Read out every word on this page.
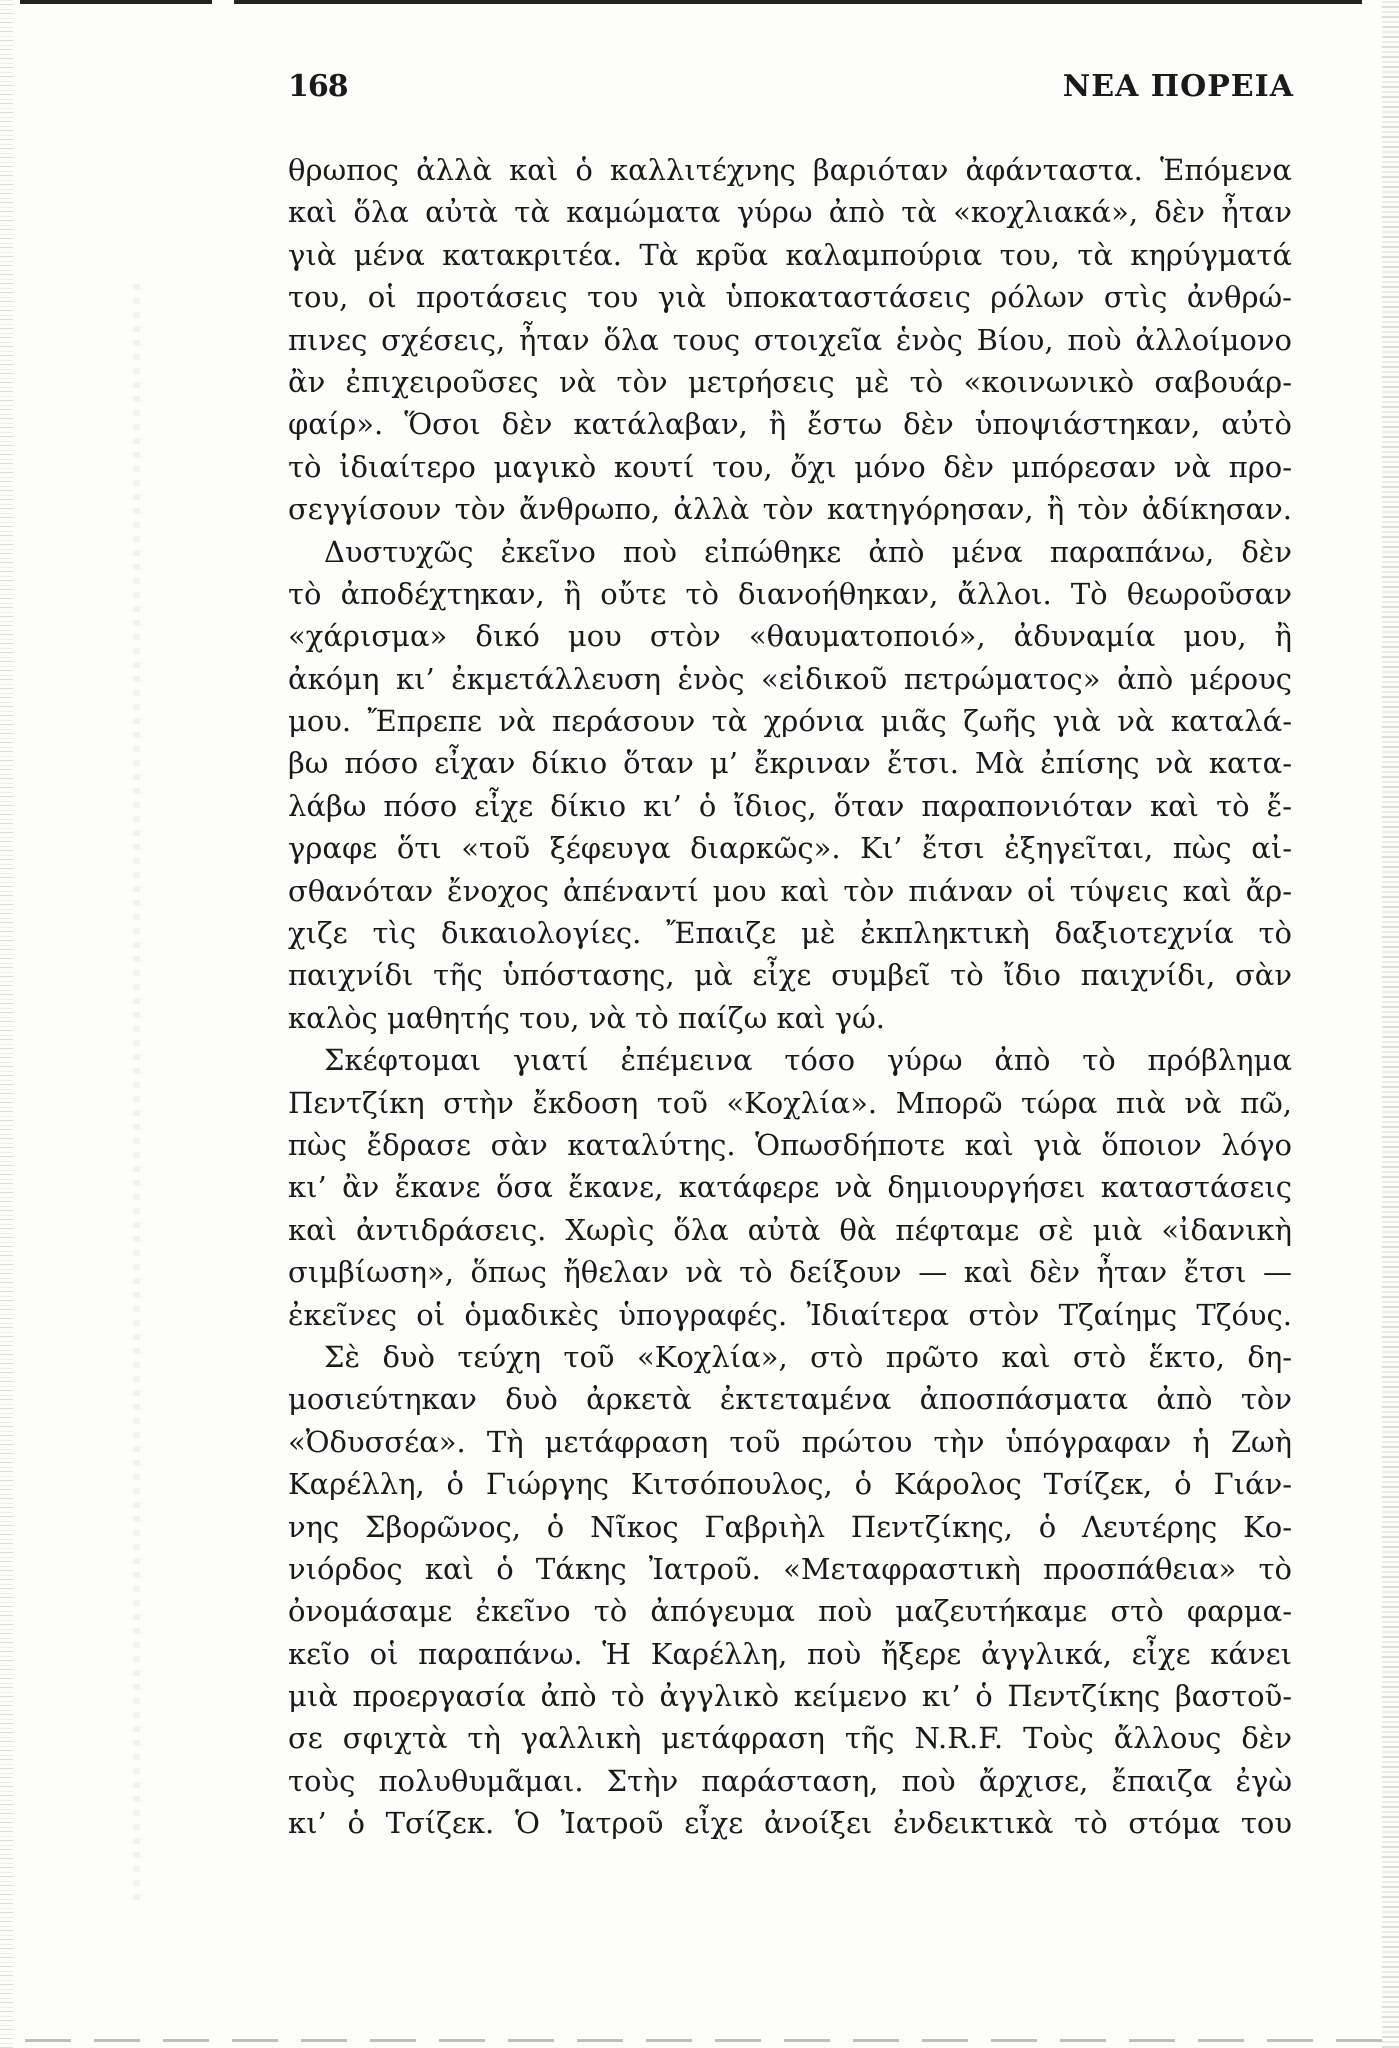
168	ΝΕΑ ΠΟΡΕΙΑ
θρωπος ἀλλὰ καὶ ὁ καλλιτέχνης βαριόταν ἀφάνταστα. Ἑπόμενα
καὶ ὅλα αὐτὰ τὰ καμώματα γύρω ἀπὸ τὰ «κοχλιακά», δὲν ἦταν
γιὰ μένα κατακριτέα. Τὰ κρῦα καλαμπούρια του, τὰ κηρύγματά
του, οἱ προτάσεις του γιὰ ὑποκαταστάσεις ρόλων στὶς ἀνθρώ-
πινες σχέσεις, ἦταν ὅλα τους στοιχεῖα ἑνὸς Βίου, ποὺ ἀλλοίμονο
ἂν ἐπιχειροῦσες νὰ τὸν μετρήσεις μὲ τὸ «κοινωνικὸ σαβουάρ-
φαίρ». Ὅσοι δὲν κατάλαβαν, ἢ ἔστω δὲν ὑποψιάστηκαν, αὐτὸ
τὸ ἰδιαίτερο μαγικὸ κουτί του, ὄχι μόνο δὲν μπόρεσαν νὰ προ-
σεγγίσουν τὸν ἄνθρωπο, ἀλλὰ τὸν κατηγόρησαν, ἢ τὸν ἀδίκησαν.
Δυστυχῶς ἐκεῖνο ποὺ εἰπώθηκε ἀπὸ μένα παραπάνω, δὲν
τὸ ἀποδέχτηκαν, ἢ οὔτε τὸ διανοήθηκαν, ἄλλοι. Τὸ θεωροῦσαν
«χάρισμα» δικό μου στὸν «θαυματοποιό», ἀδυναμία μου, ἢ
ἀκόμη κι’ ἐκμετάλλευση ἑνὸς «εἰδικοῦ πετρώματος» ἀπὸ μέρους
μου. Ἔπρεπε νὰ περάσουν τὰ χρόνια μιᾶς ζωῆς γιὰ νὰ καταλά-
βω πόσο εἶχαν δίκιο ὅταν μ’ ἔκριναν ἔτσι. Μὰ ἐπίσης νὰ κατα-
λάβω πόσο εἶχε δίκιο κι’ ὁ ἴδιος, ὅταν παραπονιόταν καὶ τὸ ἔ-
γραφε ὅτι «τοῦ ξέφευγα διαρκῶς». Κι’ ἔτσι ἐξηγεῖται, πὼς αἰ-
σθανόταν ἔνοχος ἀπέναντί μου καὶ τὸν πιάναν οἱ τύψεις καὶ ἄρ-
χιζε τὶς δικαιολογίες. Ἔπαιζε μὲ ἐκπληκτικὴ δαξιοτεχνία τὸ
παιχνίδι τῆς ὑπόστασης, μὰ εἶχε συμβεῖ τὸ ἴδιο παιχνίδι, σὰν
καλὸς μαθητής του, νὰ τὸ παίζω καὶ γώ.
Σκέφτομαι γιατί ἐπέμεινα τόσο γύρω ἀπὸ τὸ πρόβλημα
Πεντζίκη στὴν ἔκδοση τοῦ «Κοχλία». Μπορῶ τώρα πιὰ νὰ πῶ,
πὼς ἔδρασε σὰν καταλύτης. Ὁπωσδήποτε καὶ γιὰ ὅποιον λόγο
κι’ ἂν ἔκανε ὅσα ἔκανε, κατάφερε νὰ δημιουργήσει καταστάσεις
καὶ ἀντιδράσεις. Χωρὶς ὅλα αὐτὰ θὰ πέφταμε σὲ μιὰ «ἰδανικὴ
σιμβίωση», ὅπως ἤθελαν νὰ τὸ δείξουν — καὶ δὲν ἦταν ἔτσι —
ἐκεῖνες οἱ ὁμαδικὲς ὑπογραφές. Ἰδιαίτερα στὸν Τζαίημς Τζόυς.
Σὲ δυὸ τεύχη τοῦ «Κοχλία», στὸ πρῶτο καὶ στὸ ἕκτο, δη-
μοσιεύτηκαν δυὸ ἀρκετὰ ἐκτεταμένα ἀποσπάσματα ἀπὸ τὸν
«Ὀδυσσέα». Τὴ μετάφραση τοῦ πρώτου τὴν ὑπόγραφαν ἡ Ζωὴ
Καρέλλη, ὁ Γιώργης Κιτσόπουλος, ὁ Κάρολος Τσίζεκ, ὁ Γιάν-
νης Σβορῶνος, ὁ Νῖκος Γαβριὴλ Πεντζίκης, ὁ Λευτέρης Κο-
νιόρδος καὶ ὁ Τάκης Ἰατροῦ. «Μεταφραστικὴ προσπάθεια» τὸ
ὀνομάσαμε ἐκεῖνο τὸ ἀπόγευμα ποὺ μαζευτήκαμε στὸ φαρμα-
κεῖο οἱ παραπάνω. Ἡ Καρέλλη, ποὺ ἤξερε ἀγγλικά, εἶχε κάνει
μιὰ προεργασία ἀπὸ τὸ ἀγγλικὸ κείμενο κι’ ὁ Πεντζίκης βαστοῦ-
σε σφιχτὰ τὴ γαλλικὴ μετάφραση τῆς N.R.F. Τοὺς ἄλλους δὲν
τοὺς πολυθυμᾶμαι. Στὴν παράσταση, ποὺ ἄρχισε, ἔπαιζα ἐγὼ
κι’ ὁ Τσίζεκ. Ὁ Ἰατροῦ εἶχε ἀνοίξει ἐνδεικτικὰ τὸ στόμα του
